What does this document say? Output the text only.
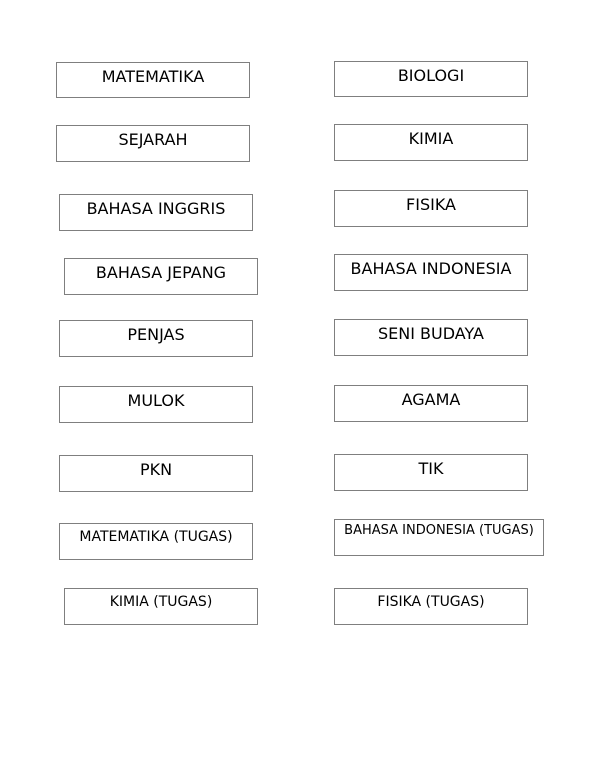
MATEMATIKA
SEJARAH
BAHASA INGGRIS
BAHASA JEPANG
PENJAS
MULOK
PKN
MATEMATIKA (TUGAS)
KIMIA (TUGAS)
BIOLOGI
KIMIA
FISIKA
BAHASA INDONESIA
SENI BUDAYA
AGAMA
TIK
BAHASA INDONESIA (TUGAS)
FISIKA (TUGAS)
